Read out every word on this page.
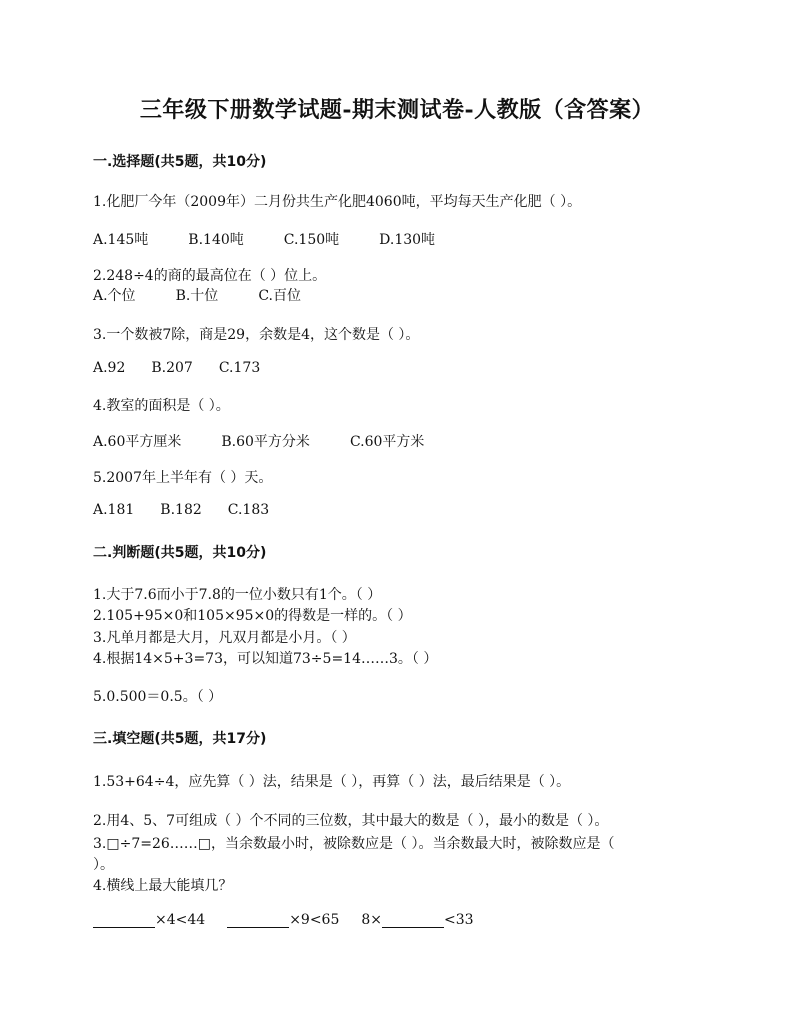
三年级下册数学试题-期末测试卷-人教版（含答案）
一.选择题(共5题，共10分)
1.化肥厂今年（2009年）二月份共生产化肥4060吨，平均每天生产化肥（ ）。
A.145吨	B.140吨	C.150吨	D.130吨
2.248÷4的商的最高位在（ ）位上。
A.个位	B.十位	C.百位
3.一个数被7除，商是29，余数是4，这个数是（ ）。
A.92 B.207 C.173
4.教室的面积是（ ）。
A.60平方厘米	B.60平方分米	C.60平方米
5.2007年上半年有（ ）天。
A.181 B.182 C.183
二.判断题(共5题，共10分)
1.大于7.6而小于7.8的一位小数只有1个。（ ）
2.105+95×0和105×95×0的得数是一样的。（ ）
3.凡单月都是大月，凡双月都是小月。（ ）
4.根据14×5+3=73，可以知道73÷5=14……3。（ ）
5.0.500＝0.5。（ ）
三.填空题(共5题，共17分)
1.53+64÷4，应先算（ ）法，结果是（ ），再算（ ）法，最后结果是（ ）。
2.用4、5、7可组成（ ）个不同的三位数，其中最大的数是（ ），最小的数是（ ）。
3.□÷7=26……□，当余数最小时，被除数应是（ ）。当余数最大时，被除数应是（
）。
4.横线上最大能填几？
×4<44	×9<65 8×	<33
